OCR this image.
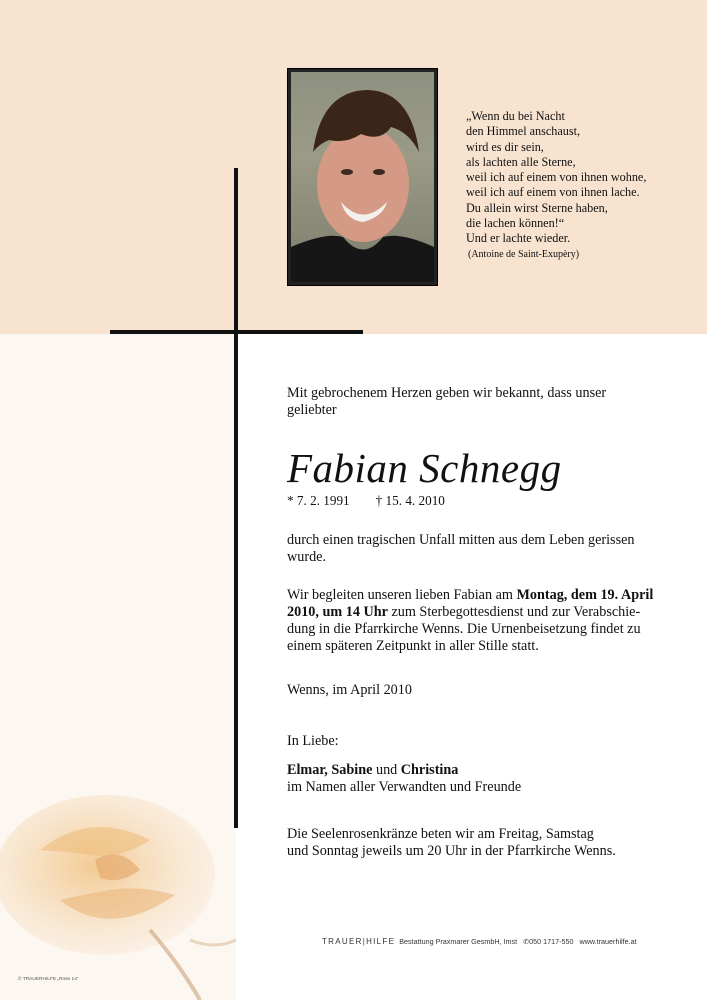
„Wenn du bei Nacht
den Himmel anschaust,
wird es dir sein,
als lachten alle Sterne,
weil ich auf einem von ihnen wohne,
weil ich auf einem von ihnen lache.
Du allein wirst Sterne haben,
die lachen können!“
Und er lachte wieder.
(Antoine de Saint-Exupèry)
Mit gebrochenem Herzen geben wir bekannt, dass unser
geliebter
Fabian Schnegg
* 7. 2. 1991 † 15. 4. 2010
durch einen tragischen Unfall mitten aus dem Leben gerissen
wurde.
Wir begleiten unseren lieben Fabian am Montag, dem 19. April
2010, um 14 Uhr zum Sterbegottesdienst und zur Verabschie-
dung in die Pfarrkirche Wenns. Die Urnenbeisetzung findet zu
einem späteren Zeitpunkt in aller Stille statt.
Wenns, im April 2010
In Liebe:
Elmar, Sabine und Christina
im Namen aller Verwandten und Freunde
Die Seelenrosenkränze beten wir am Freitag, Samstag
und Sonntag jeweils um 20 Uhr in der Pfarrkirche Wenns.
TRAUER|HILFE Bestattung Praxmarer GesmbH, Imst ✆050 1717-550 www.trauerhilfe.at
© TRAUERHILFE „Rose 14“
